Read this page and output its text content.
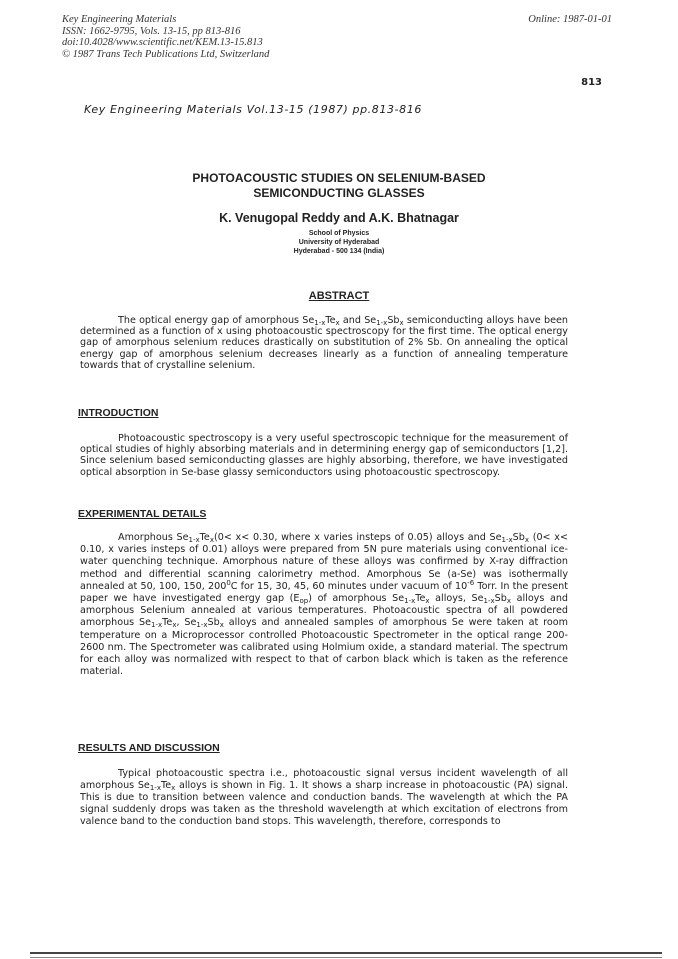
Key Engineering Materials
ISSN: 1662-9795, Vols. 13-15, pp 813-816
doi:10.4028/www.scientific.net/KEM.13-15.813
© 1987 Trans Tech Publications Ltd, Switzerland
Online: 1987-01-01
813
Key Engineering Materials Vol.13-15 (1987) pp.813-816
PHOTOACOUSTIC STUDIES ON SELENIUM-BASED
SEMICONDUCTING GLASSES
K. Venugopal Reddy and A.K. Bhatnagar
School of Physics
University of Hyderabad
Hyderabad - 500 134 (India)
ABSTRACT
The optical energy gap of amorphous $Se_{1-x}Te_x$ and $Se_{1-x}Sb_x$ semiconducting alloys have been determined as a function of x using photoacoustic spectroscopy for the first time. The optical energy gap of amorphous selenium reduces drastically on substitution of 2% Sb. On annealing the optical energy gap of amorphous selenium decreases linearly as a function of annealing temperature towards that of crystalline selenium.
INTRODUCTION
Photoacoustic spectroscopy is a very useful spectroscopic technique for the measurement of optical studies of highly absorbing materials and in determining energy gap of semiconductors [1,2]. Since selenium based semiconducting glasses are highly absorbing, therefore, we have investigated optical absorption in Se-base glassy semiconductors using photoacoustic spectroscopy.
EXPERIMENTAL DETAILS
Amorphous $Se_{1-x}Te_x(0< x< 0.30$, where x varies insteps of 0.05) alloys and $Se_{1-x}Sb_x$ (0< x< 0.10, x varies insteps of 0.01) alloys were prepared from 5N pure materials using conventional ice-water quenching technique. Amorphous nature of these alloys was confirmed by X-ray diffraction method and differential scanning calorimetry method. Amorphous Se (a-Se) was isothermally annealed at 50, 100, 150, $200^0C$ for 15, 30, 45, 60 minutes under vacuum of $10^{-6}$ Torr. In the present paper we have investigated energy gap $(E_{op})$ of amorphous $Se_{1-x}Te_x$ alloys, $Se_{1-x}Sb_x$ alloys and amorphous Selenium annealed at various temperatures. Photoacoustic spectra of all powdered amorphous $Se_{1-x}Te_x$, $Se_{1-x}Sb_x$ alloys and annealed samples of amorphous Se were taken at room temperature on a Microprocessor controlled Photoacoustic Spectrometer in the optical range 200-2600 nm. The Spectrometer was calibrated using Holmium oxide, a standard material. The spectrum for each alloy was normalized with respect to that of carbon black which is taken as the reference material.
RESULTS AND DISCUSSION
Typical photoacoustic spectra i.e., photoacoustic signal versus incident wavelength of all amorphous $Se_{1-x}Te_x$ alloys is shown in Fig. 1. It shows a sharp increase in photoacoustic (PA) signal. This is due to transition between valence and conduction bands. The wavelength at which the PA signal suddenly drops was taken as the threshold wavelength at which excitation of electrons from valence band to the conduction band stops. This wavelength, therefore, corresponds to
